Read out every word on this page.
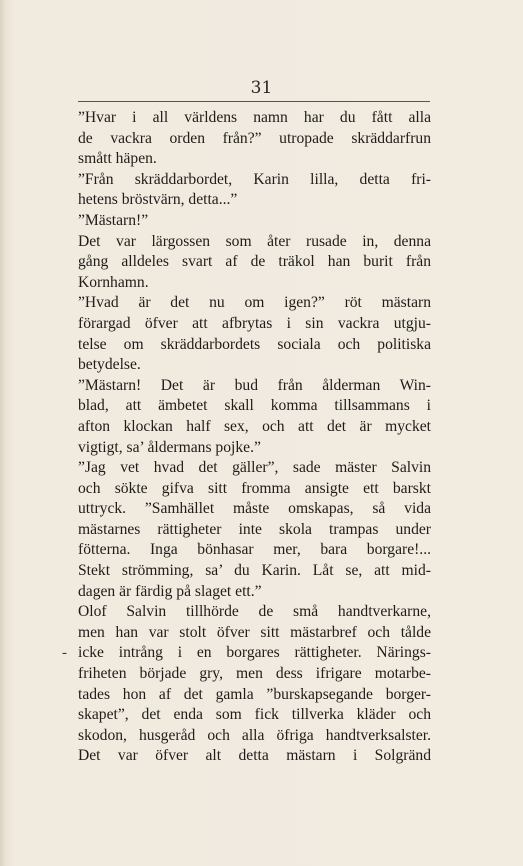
31
-
”Hvar i all världens namn har du fått alla
de vackra orden från?” utropade skräddarfrun
smått häpen.
”Från skräddarbordet, Karin lilla, detta fri-
hetens bröstvärn, detta...”
”Mästarn!”
Det var lärgossen som åter rusade in, denna
gång alldeles svart af de träkol han burit från
Kornhamn.
”Hvad är det nu om igen?” röt mästarn
förargad öfver att afbrytas i sin vackra utgju-
telse om skräddarbordets sociala och politiska
betydelse.
”Mästarn! Det är bud från ålderman Win-
blad, att ämbetet skall komma tillsammans i
afton klockan half sex, och att det är mycket
vigtigt, sa’ åldermans pojke.”
”Jag vet hvad det gäller”, sade mäster Salvin
och sökte gifva sitt fromma ansigte ett barskt
uttryck. ”Samhället måste omskapas, så vida
mästarnes rättigheter inte skola trampas under
fötterna. Inga bönhasar mer, bara borgare!...
Stekt strömming, sa’ du Karin. Låt se, att mid-
dagen är färdig på slaget ett.”
Olof Salvin tillhörde de små handtverkarne,
men han var stolt öfver sitt mästarbref och tålde
icke intrång i en borgares rättigheter. Närings-
friheten började gry, men dess ifrigare motarbe-
tades hon af det gamla ”burskapsegande borger-
skapet”, det enda som fick tillverka kläder och
skodon, husgeråd och alla öfriga handtverksalster.
Det var öfver alt detta mästarn i Solgränd
